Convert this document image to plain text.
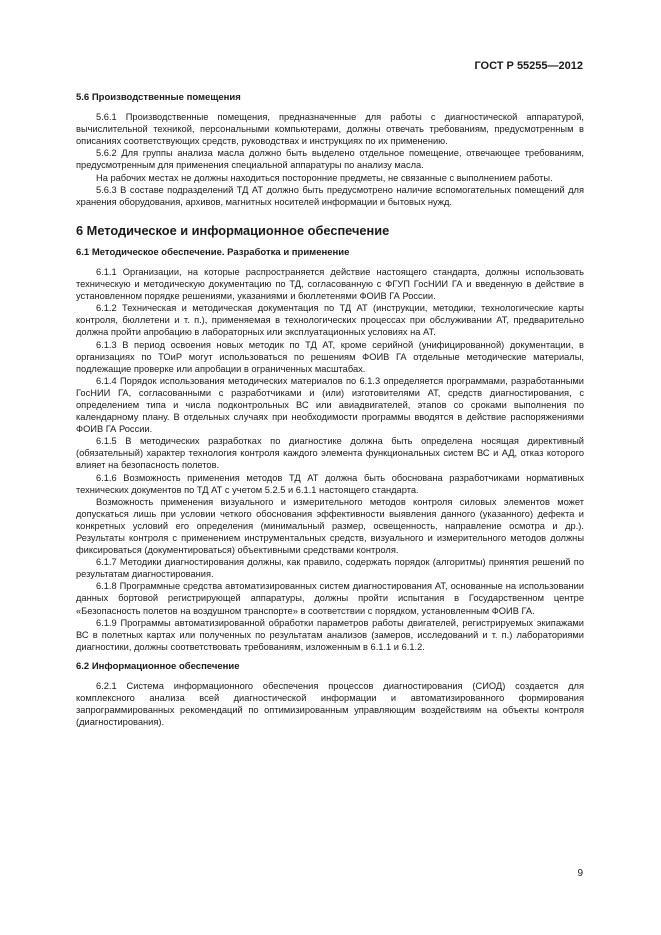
ГОСТ Р 55255—2012
5.6 Производственные помещения

5.6.1 Производственные помещения, предназначенные для работы с диагностической аппаратурой, вычислительной техникой, персональными компьютерами, должны отвечать требованиям, предусмотренным в описаниях соответствующих средств, руководствах и инструкциях по их применению.

5.6.2 Для группы анализа масла должно быть выделено отдельное помещение, отвечающее требованиям, предусмотренным для применения специальной аппаратуры по анализу масла.

На рабочих местах не должны находиться посторонние предметы, не связанные с выполнением работы.

5.6.3 В составе подразделений ТД АТ должно быть предусмотрено наличие вспомогательных помещений для хранения оборудования, архивов, магнитных носителей информации и бытовых нужд.

6 Методическое и информационное обеспечение
6.1 Методическое обеспечение. Разработка и применение

6.1.1 Организации, на которые распространяется действие настоящего стандарта, должны использовать техническую и методическую документацию по ТД, согласованную с ФГУП ГосНИИ ГА и введенную в действие в установленном порядке решениями, указаниями и бюллетенями ФОИВ ГА России.

6.1.2 Техническая и методическая документация по ТД АТ (инструкции, методики, технологические карты контроля, бюллетени и т. п.), применяемая в технологических процессах при обслуживании АТ, предварительно должна пройти апробацию в лабораторных или эксплуатационных условиях на АТ.

6.1.3 В период освоения новых методик по ТД АТ, кроме серийной (унифицированной) документации, в организациях по ТОиР могут использоваться по решениям ФОИВ ГА отдельные методические материалы, подлежащие проверке или апробации в ограниченных масштабах.

6.1.4 Порядок использования методических материалов по 6.1.3 определяется программами, разработанными ГосНИИ ГА, согласованными с разработчиками и (или) изготовителями АТ, средств диагностирования, с определением типа и числа подконтрольных ВС или авиадвигателей, этапов со сроками выполнения по календарному плану. В отдельных случаях при необходимости программы вводятся в действие распоряжениями ФОИВ ГА России.

6.1.5 В методических разработках по диагностике должна быть определена носящая директивный (обязательный) характер технология контроля каждого элемента функциональных систем ВС и АД, отказ которого влияет на безопасность полетов.

6.1.6 Возможность применения методов ТД АТ должна быть обоснована разработчиками нормативных технических документов по ТД АТ с учетом 5.2.5 и 6.1.1 настоящего стандарта.

Возможность применения визуального и измерительного методов контроля силовых элементов может допускаться лишь при условии четкого обоснования эффективности выявления данного (указанного) дефекта и конкретных условий его определения (минимальный размер, освещенность, направление осмотра и др.). Результаты контроля с применением инструментальных средств, визуального и измерительного методов должны фиксироваться (документироваться) объективными средствами контроля.

6.1.7 Методики диагностирования должны, как правило, содержать порядок (алгоритмы) принятия решений по результатам диагностирования.

6.1.8 Программные средства автоматизированных систем диагностирования АТ, основанные на использовании данных бортовой регистрирующей аппаратуры, должны пройти испытания в Государственном центре «Безопасность полетов на воздушном транспорте» в соответствии с порядком, установленным ФОИВ ГА.

6.1.9 Программы автоматизированной обработки параметров работы двигателей, регистрируемых экипажами ВС в полетных картах или полученных по результатам анализов (замеров, исследований и т. п.) лабораториями диагностики, должны соответствовать требованиям, изложенным в 6.1.1 и 6.1.2.

6.2 Информационное обеспечение

6.2.1 Система информационного обеспечения процессов диагностирования (СИОД) создается для комплексного анализа всей диагностической информации и автоматизированного формирования запрограммированных рекомендаций по оптимизированным управляющим воздействиям на объекты контроля (диагностирования).

9
